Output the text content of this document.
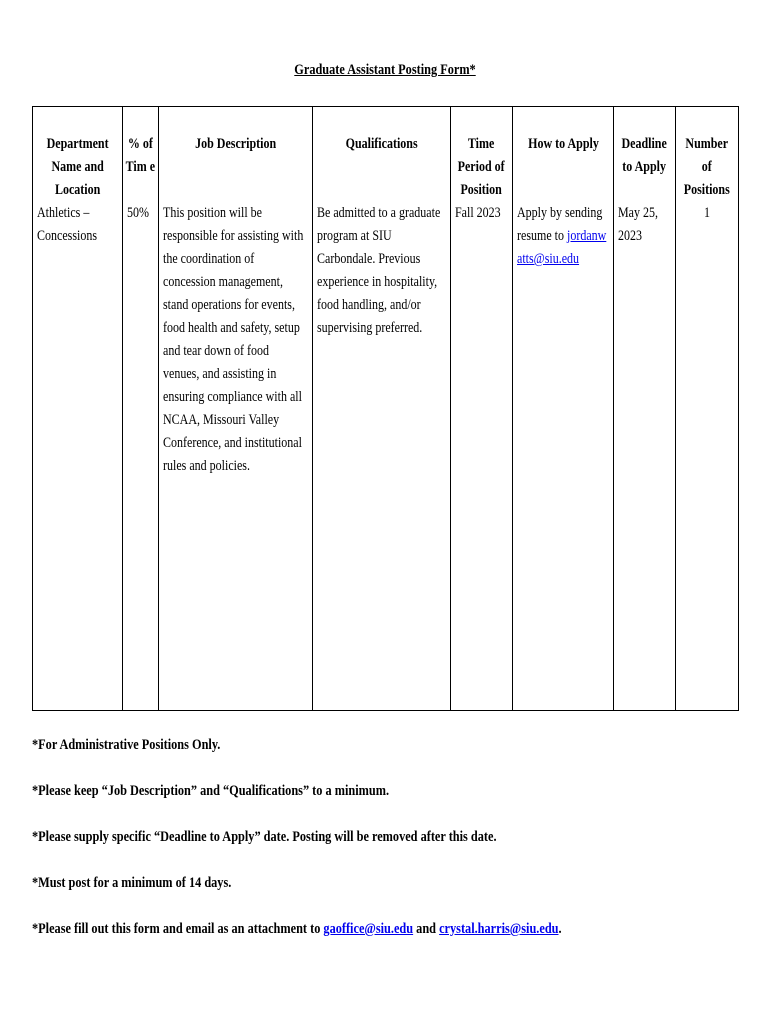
Graduate Assistant Posting Form*
Department Name and Location	% of Tim e	Job Description	Qualifications	Time Period of Position	How to Apply	Deadline to Apply	Number of Positions

Athletics – Concessions	50%	This position will be responsible for assisting with the coordination of concession management, stand operations for events, food health and safety, setup and tear down of food venues, and assisting in ensuring compliance with all NCAA, Missouri Valley Conference, and institutional rules and policies.	Be admitted to a graduate program at SIU Carbondale. Previous experience in hospitality, food handling, and/or supervising preferred.	Fall 2023	Apply by sending resume to jordanwatts@siu.edu	May 25, 2023	1
*For Administrative Positions Only.
*Please keep “Job Description” and “Qualifications” to a minimum.
*Please supply specific “Deadline to Apply” date. Posting will be removed after this date.
*Must post for a minimum of 14 days.
*Please fill out this form and email as an attachment to gaoffice@siu.edu and crystal.harris@siu.edu.
